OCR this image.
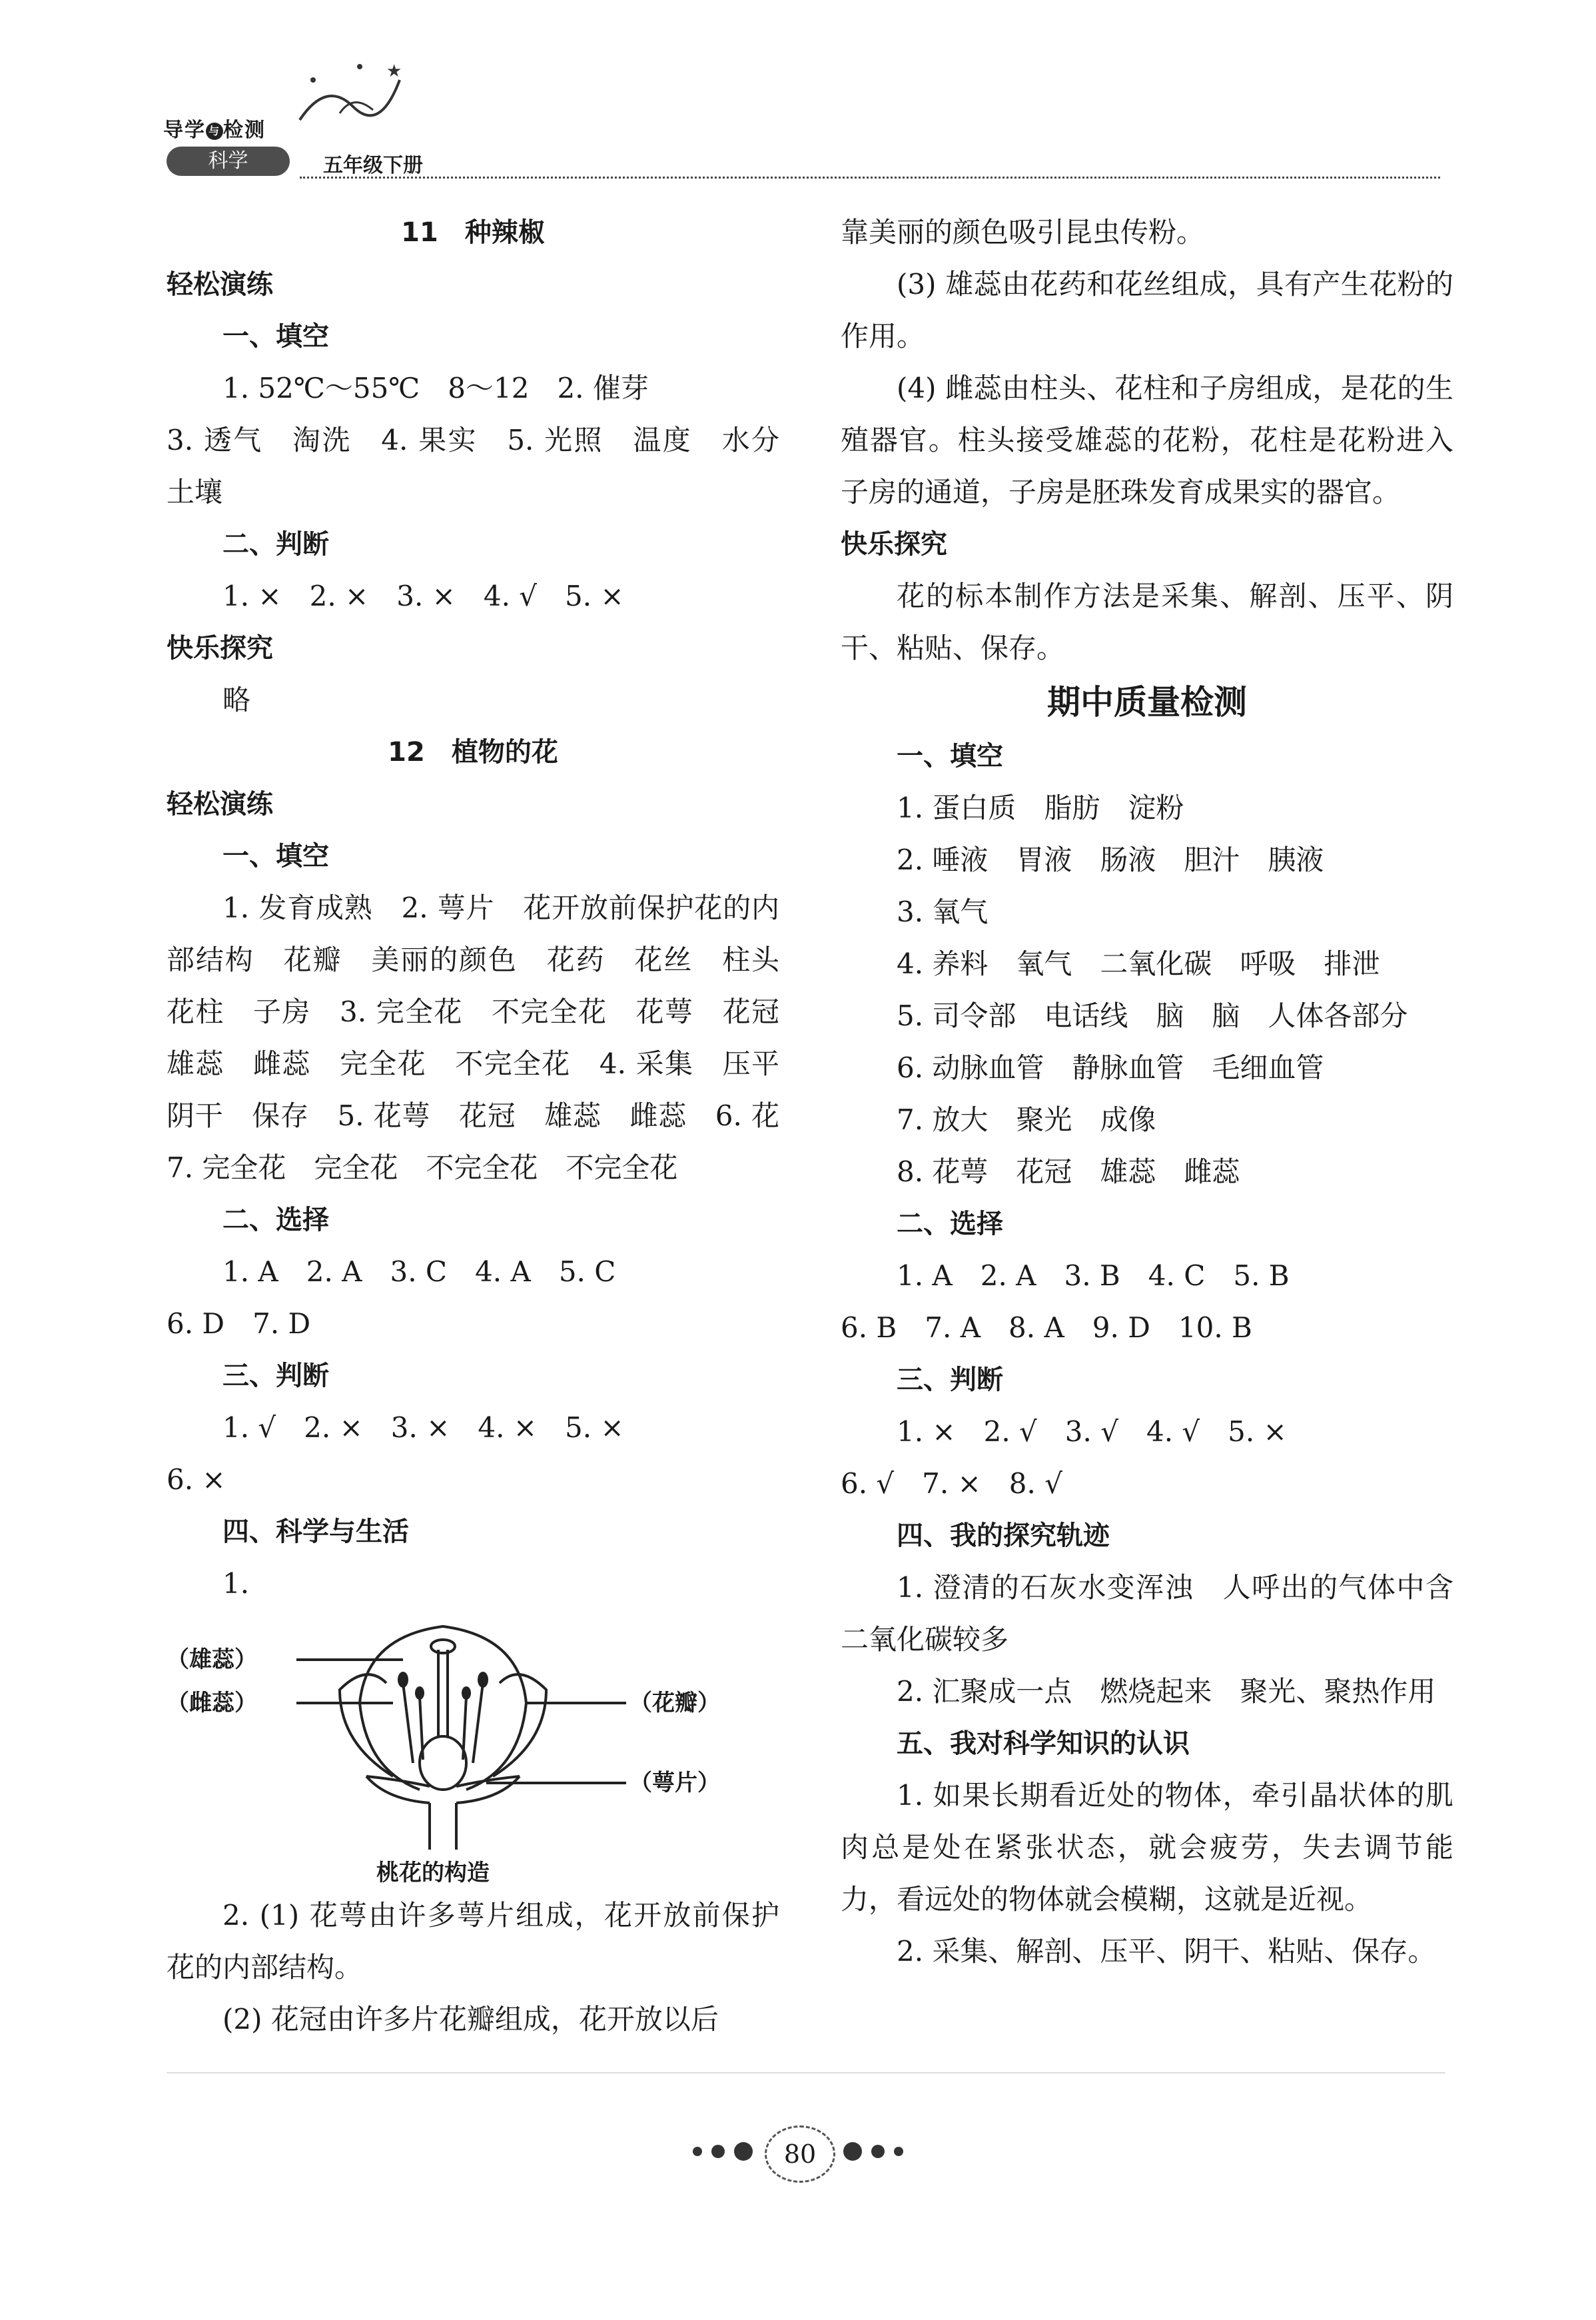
★
导学 与 检测
科学	五年级下册

11　种辣椒

轻松演练

一、填空

1. 52℃～55℃　8～12　2. 催芽

3. 透气　淘洗　4. 果实　5. 光照　温度　水分　土壤

二、判断

1. ×　2. ×　3. ×　4. √　5. ×

快乐探究

略

12　植物的花

轻松演练

一、填空

1. 发育成熟　2. 萼片　花开放前保护花的内部结构　花瓣　美丽的颜色　花药　花丝　柱头　花柱　子房　3. 完全花　不完全花　花萼　花冠　雄蕊　雌蕊　完全花　不完全花　4. 采集　压平　阴干　保存　5. 花萼　花冠　雄蕊　雌蕊　6. 花　7. 完全花　完全花　不完全花　不完全花

二、选择

1. A　2. A　3. C　4. A　5. C

6. D　7. D

三、判断

1. √　2. ×　3. ×　4. ×　5. ×

6. ×

四、科学与生活

1.

（雄蕊）
（雌蕊）	（花瓣）
（萼片）
桃花的构造

2. (1) 花萼由许多萼片组成，花开放前保护花的内部结构。

(2) 花冠由许多片花瓣组成，花开放以后

靠美丽的颜色吸引昆虫传粉。

(3) 雄蕊由花药和花丝组成，具有产生花粉的作用。

(4) 雌蕊由柱头、花柱和子房组成，是花的生殖器官。柱头接受雄蕊的花粉，花柱是花粉进入子房的通道，子房是胚珠发育成果实的器官。

快乐探究

花的标本制作方法是采集、解剖、压平、阴干、粘贴、保存。

期中质量检测

一、填空

1. 蛋白质　脂肪　淀粉

2. 唾液　胃液　肠液　胆汁　胰液

3. 氧气

4. 养料　氧气　二氧化碳　呼吸　排泄

5. 司令部　电话线　脑　脑　人体各部分

6. 动脉血管　静脉血管　毛细血管

7. 放大　聚光　成像

8. 花萼　花冠　雄蕊　雌蕊

二、选择

1. A　2. A　3. B　4. C　5. B

6. B　7. A　8. A　9. D　10. B

三、判断

1. ×　2. √　3. √　4. √　5. ×

6. √　7. ×　8. √

四、我的探究轨迹

1. 澄清的石灰水变浑浊　人呼出的气体中含二氧化碳较多

2. 汇聚成一点　燃烧起来　聚光、聚热作用

五、我对科学知识的认识

1. 如果长期看近处的物体，牵引晶状体的肌肉总是处在紧张状态，就会疲劳，失去调节能力，看远处的物体就会模糊，这就是近视。

2. 采集、解剖、压平、阴干、粘贴、保存。

80
